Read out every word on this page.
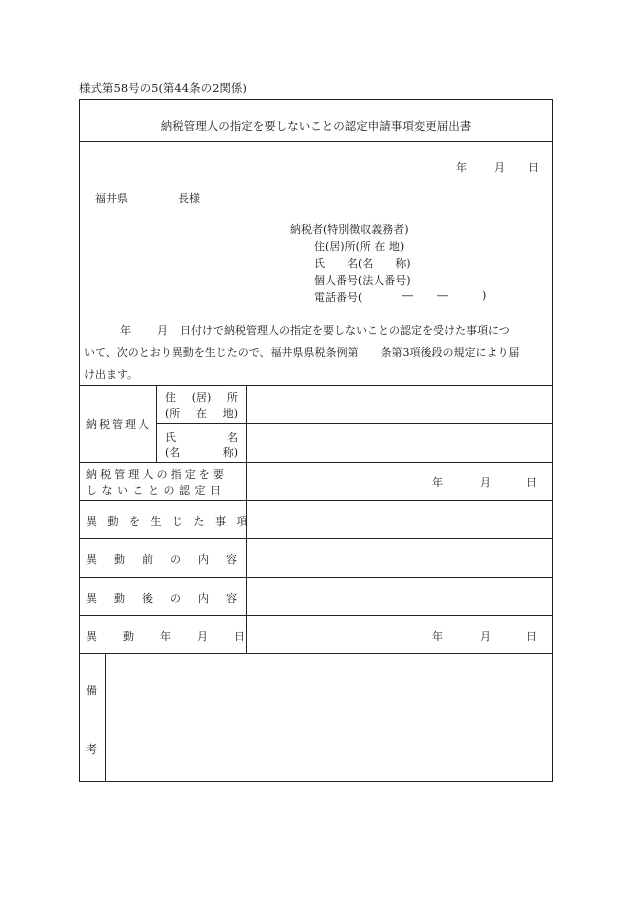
様式第58号の5(第44条の2関係)
納税管理人の指定を要しないことの認定申請事項変更届出書
年 月 日
福井県	長様
納税者(特別徴収義務者)
住(居)所(所 在 地)
氏　　名(名　　称)
個人番号(法人番号)
電話番号(	― ―	)
年 月 日付けで納税管理人の指定を要しないことの認定を受けた事項につ
いて、次のとおり異動を生じたので、福井県県税条例第　　条第3項後段の規定により届
け出ます。
納税管理人
住 (居) 所
(所 在 地)
氏	名
(名	称)
納税管理人の指定を要
しないことの認定日
年	月	日
異動を生じた事項
異動前の内容
異動後の内容
異動年月日	年	月	日
備
考
